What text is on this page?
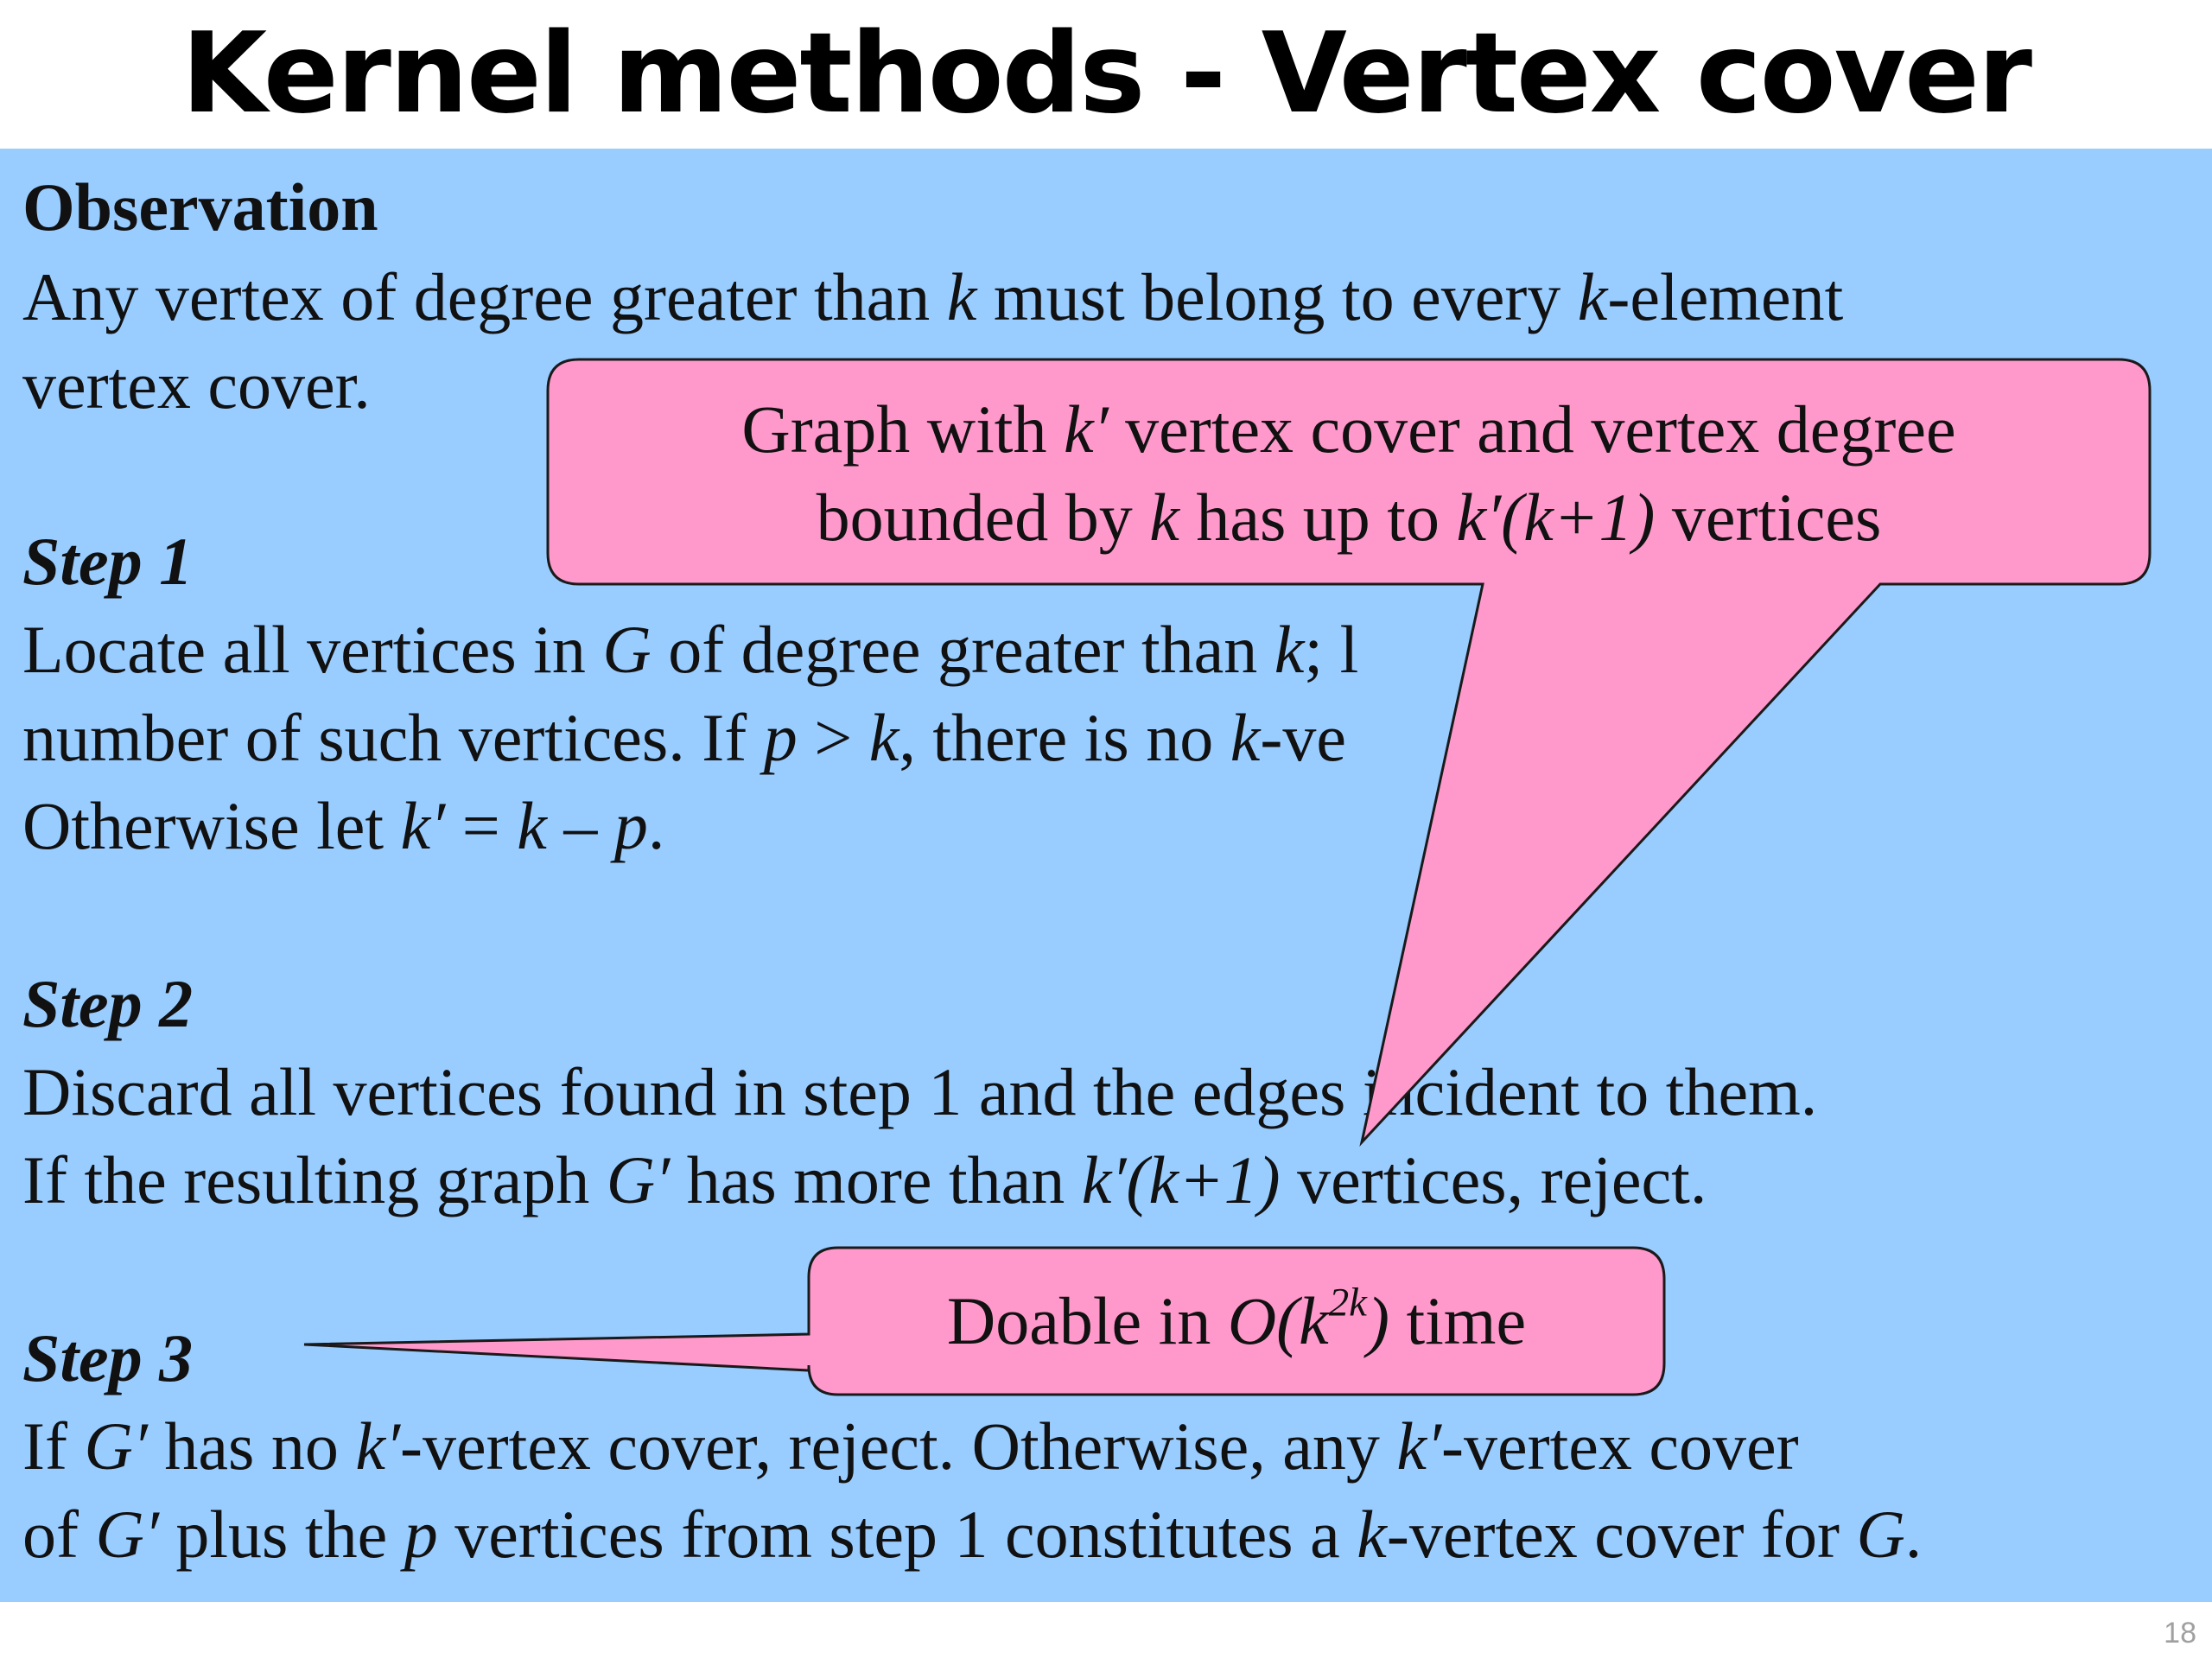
Kernel methods - Vertex cover

Observation

Any vertex of degree greater than k must belong to every k-element

vertex cover.

Step 1

Locate all vertices in G of degree greater than k; l

number of such vertices. If p > k, there is no k-ve

Otherwise let k′ = k – p.

Step 2

Discard all vertices found in step 1 and the edges incident to them.

If the resulting graph G′ has more than k′(k+1) vertices, reject.

Step 3

If G′ has no k′-vertex cover, reject. Otherwise, any k′-vertex cover

of G′ plus the p vertices from step 1 constitutes a k-vertex cover for G.

Graph with k′ vertex cover and vertex degree
bounded by k has up to k′(k+1) vertices
Doable in $O(k^{2k})$ time
18
